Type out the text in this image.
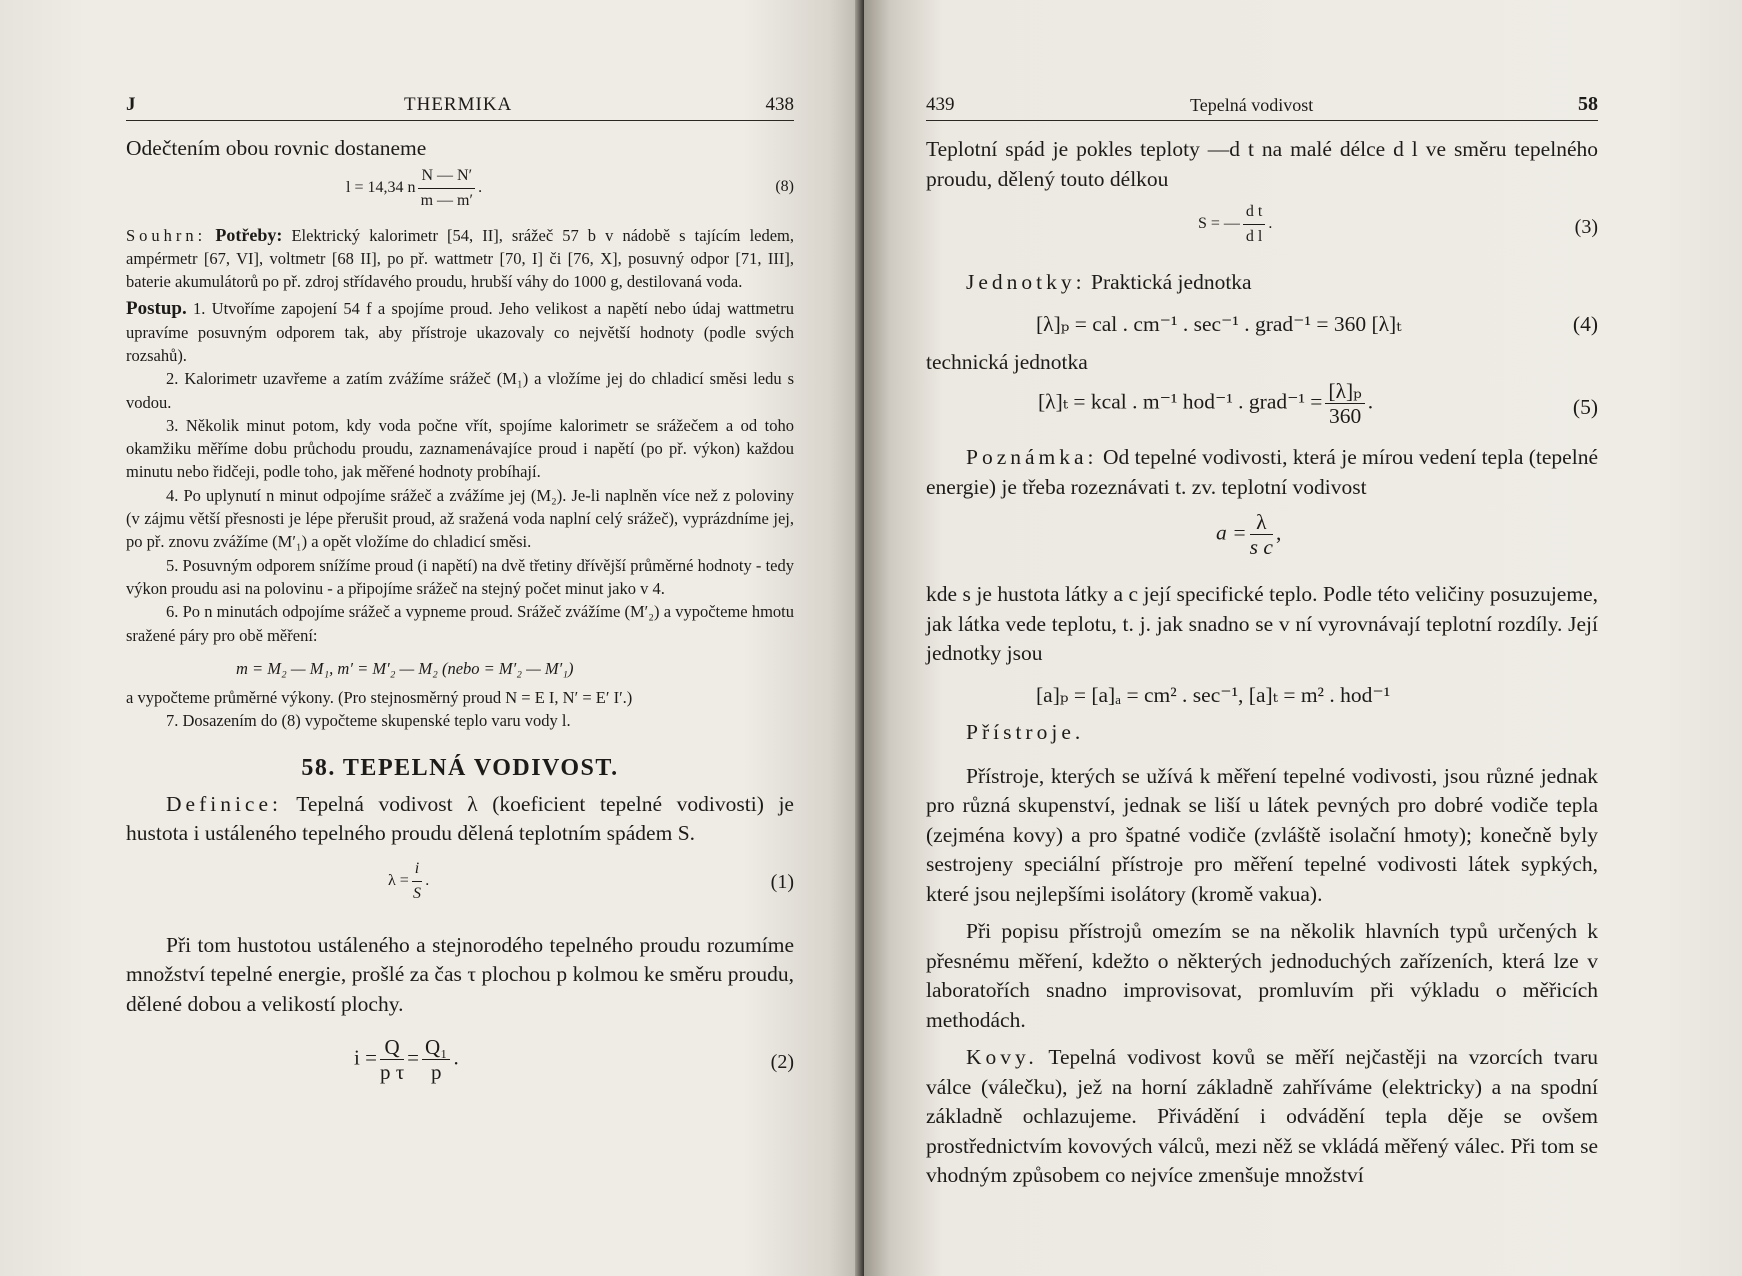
J	THERMIKA	438

Odečtením obou rovnic dostaneme

l = 14,34 n $\frac{N — N'}{m — m'}$ .	(8)

Souhrn: Potřeby: Elektrický kalorimetr [54, II], srážeč 57 b v nádobě s tajícím ledem, ampérmetr [67, VI], voltmetr [68 II], po př. wattmetr [70, I] či [76, X], posuvný odpor [71, III], baterie akumulátorů po př. zdroj střídavého proudu, hrubší váhy do 1000 g, destilovaná voda.

Postup. 1. Utvoříme zapojení 54 f a spojíme proud. Jeho velikost a napětí nebo údaj wattmetru upravíme posuvným odporem tak, aby přístroje ukazovaly co největší hodnoty (podle svých rozsahů).

2. Kalorimetr uzavřeme a zatím zvážíme srážeč (M₁) a vložíme jej do chladicí směsi ledu s vodou.

3. Několik minut potom, kdy voda počne vřít, spojíme kalorimetr se srážečem a od toho okamžiku měříme dobu průchodu proudu, zaznamenávajíce proud i napětí (po př. výkon) každou minutu nebo řidčeji, podle toho, jak měřené hodnoty probíhají.

4. Po uplynutí n minut odpojíme srážeč a zvážíme jej (M₂). Je-li naplněn více než z poloviny (v zájmu větší přesnosti je lépe přerušit proud, až sražená voda naplní celý srážeč), vyprázdníme jej, po př. znovu zvážíme (M′₁) a opět vložíme do chladicí směsi.

5. Posuvným odporem snížíme proud (i napětí) na dvě třetiny dřívější průměrné hodnoty - tedy výkon proudu asi na polovinu - a připojíme srážeč na stejný počet minut jako v 4.

6. Po n minutách odpojíme srážeč a vypneme proud. Srážeč zvážíme (M′₂) a vypočteme hmotu sražené páry pro obě měření:

m = M₂ — M₁, m′ = M′₂ — M₂ (nebo = M′₂ — M′₁)

a vypočteme průměrné výkony. (Pro stejnosměrný proud N = E I, N′ = E′ I′.)

7. Dosazením do (8) vypočteme skupenské teplo varu vody l.

58. TEPELNÁ VODIVOST.

Definice: Tepelná vodivost λ (koeficient tepelné vodivosti) je hustota i ustáleného tepelného proudu dělená teplotním spádem S.

$\lambda = \frac{i}{S}$ .	(1)

Při tom hustotou ustáleného a stejnorodého tepelného proudu rozumíme množství tepelné energie, prošlé za čas τ plochou p kolmou ke směru proudu, dělené dobou a velikostí plochy.

$i = \frac{Q}{\text{p τ}} = \frac{\text{Q₁}}{p}$ .	(2)
439	Tepelná vodivost	58

Teplotní spád je pokles teploty —d t na malé délce d l ve směru tepelného proudu, dělený touto délkou

S = — $\frac{\text{d t}}{\text{d l}}$ .	(3)

Jednotky: Praktická jednotka

[λ]ₚ = cal . cm⁻¹ . sec⁻¹ . grad⁻¹ = 360 [λ]ₜ	(4)

technická jednotka

[λ]ₜ = kcal . m⁻¹ hod⁻¹ . grad⁻¹ = $\frac{\text{[λ]ₚ}}{360}$ .	(5)

Poznámka: Od tepelné vodivosti, která je mírou vedení tepla (tepelné energie) je třeba rozeznávati t. zv. teplotní vodivost

$a = \frac{\lambda}{\text{s c}}$ ,

kde s je hustota látky a c její specifické teplo. Podle této veličiny posuzujeme, jak látka vede teplotu, t. j. jak snadno se v ní vyrovnávají teplotní rozdíly. Její jednotky jsou

[a]ₚ = [a]ₐ = cm² . sec⁻¹, [a]ₜ = m² . hod⁻¹

Přístroje.

Přístroje, kterých se užívá k měření tepelné vodivosti, jsou různé jednak pro různá skupenství, jednak se liší u látek pevných pro dobré vodiče tepla (zejména kovy) a pro špatné vodiče (zvláště isolační hmoty); konečně byly sestrojeny speciální přístroje pro měření tepelné vodivosti látek sypkých, které jsou nejlepšími isolátory (kromě vakua).

Při popisu přístrojů omezím se na několik hlavních typů určených k přesnému měření, kdežto o některých jednoduchých zařízeních, která lze v laboratořích snadno improvisovat, promluvím při výkladu o měřicích methodách.

Kovy. Tepelná vodivost kovů se měří nejčastěji na vzorcích tvaru válce (válečku), jež na horní základně zahříváme (elektricky) a na spodní základně ochlazujeme. Přivádění i odvádění tepla děje se ovšem prostřednictvím kovových válců, mezi něž se vkládá měřený válec. Při tom se vhodným způsobem co nejvíce zmenšuje množství
